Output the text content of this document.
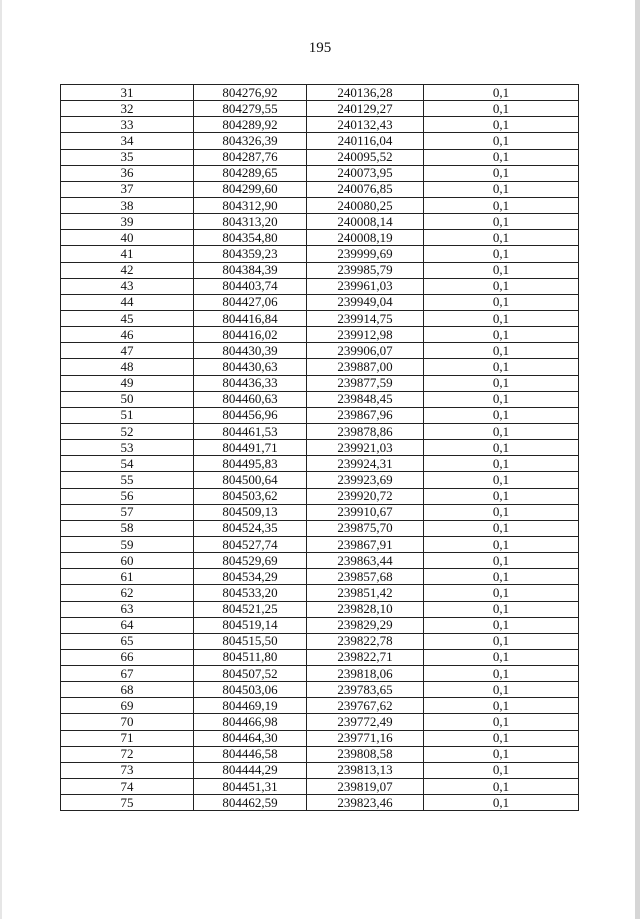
195
31	804276,92	240136,28	0,1
32	804279,55	240129,27	0,1
33	804289,92	240132,43	0,1
34	804326,39	240116,04	0,1
35	804287,76	240095,52	0,1
36	804289,65	240073,95	0,1
37	804299,60	240076,85	0,1
38	804312,90	240080,25	0,1
39	804313,20	240008,14	0,1
40	804354,80	240008,19	0,1
41	804359,23	239999,69	0,1
42	804384,39	239985,79	0,1
43	804403,74	239961,03	0,1
44	804427,06	239949,04	0,1
45	804416,84	239914,75	0,1
46	804416,02	239912,98	0,1
47	804430,39	239906,07	0,1
48	804430,63	239887,00	0,1
49	804436,33	239877,59	0,1
50	804460,63	239848,45	0,1
51	804456,96	239867,96	0,1
52	804461,53	239878,86	0,1
53	804491,71	239921,03	0,1
54	804495,83	239924,31	0,1
55	804500,64	239923,69	0,1
56	804503,62	239920,72	0,1
57	804509,13	239910,67	0,1
58	804524,35	239875,70	0,1
59	804527,74	239867,91	0,1
60	804529,69	239863,44	0,1
61	804534,29	239857,68	0,1
62	804533,20	239851,42	0,1
63	804521,25	239828,10	0,1
64	804519,14	239829,29	0,1
65	804515,50	239822,78	0,1
66	804511,80	239822,71	0,1
67	804507,52	239818,06	0,1
68	804503,06	239783,65	0,1
69	804469,19	239767,62	0,1
70	804466,98	239772,49	0,1
71	804464,30	239771,16	0,1
72	804446,58	239808,58	0,1
73	804444,29	239813,13	0,1
74	804451,31	239819,07	0,1
75	804462,59	239823,46	0,1
